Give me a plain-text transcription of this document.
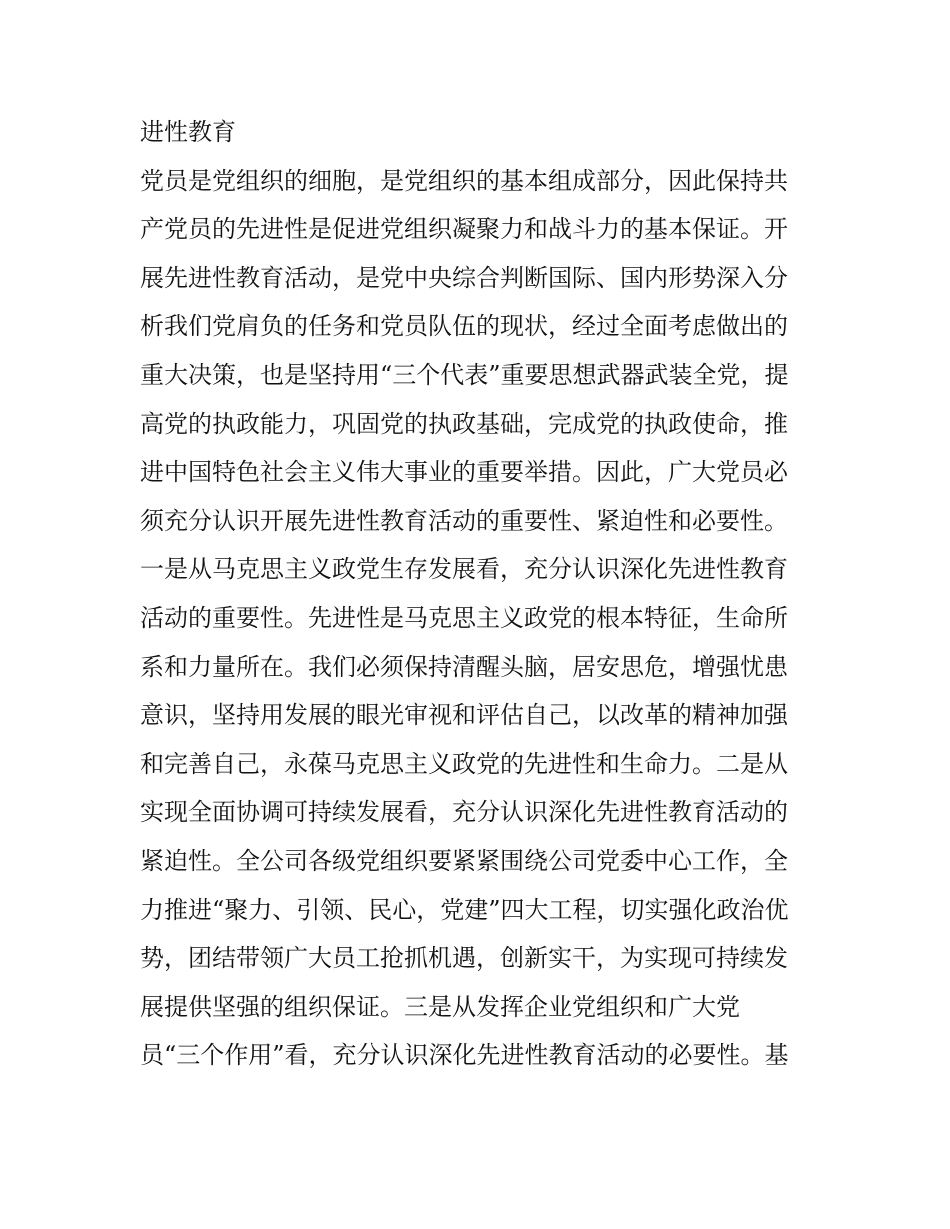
进性教育
党员是党组织的细胞，是党组织的基本组成部分，因此保持共
产党员的先进性是促进党组织凝聚力和战斗力的基本保证。开
展先进性教育活动，是党中央综合判断国际、国内形势深入分
析我们党肩负的任务和党员队伍的现状，经过全面考虑做出的
重大决策，也是坚持用“三个代表”重要思想武器武装全党，提
高党的执政能力，巩固党的执政基础，完成党的执政使命，推
进中国特色社会主义伟大事业的重要举措。因此，广大党员必
须充分认识开展先进性教育活动的重要性、紧迫性和必要性。
一是从马克思主义政党生存发展看，充分认识深化先进性教育
活动的重要性。先进性是马克思主义政党的根本特征，生命所
系和力量所在。我们必须保持清醒头脑，居安思危，增强忧患
意识，坚持用发展的眼光审视和评估自己，以改革的精神加强
和完善自己，永葆马克思主义政党的先进性和生命力。二是从
实现全面协调可持续发展看，充分认识深化先进性教育活动的
紧迫性。全公司各级党组织要紧紧围绕公司党委中心工作，全
力推进“聚力、引领、民心，党建”四大工程，切实强化政治优
势，团结带领广大员工抢抓机遇，创新实干，为实现可持续发
展提供坚强的组织保证。三是从发挥企业党组织和广大党
员“三个作用”看，充分认识深化先进性教育活动的必要性。基
